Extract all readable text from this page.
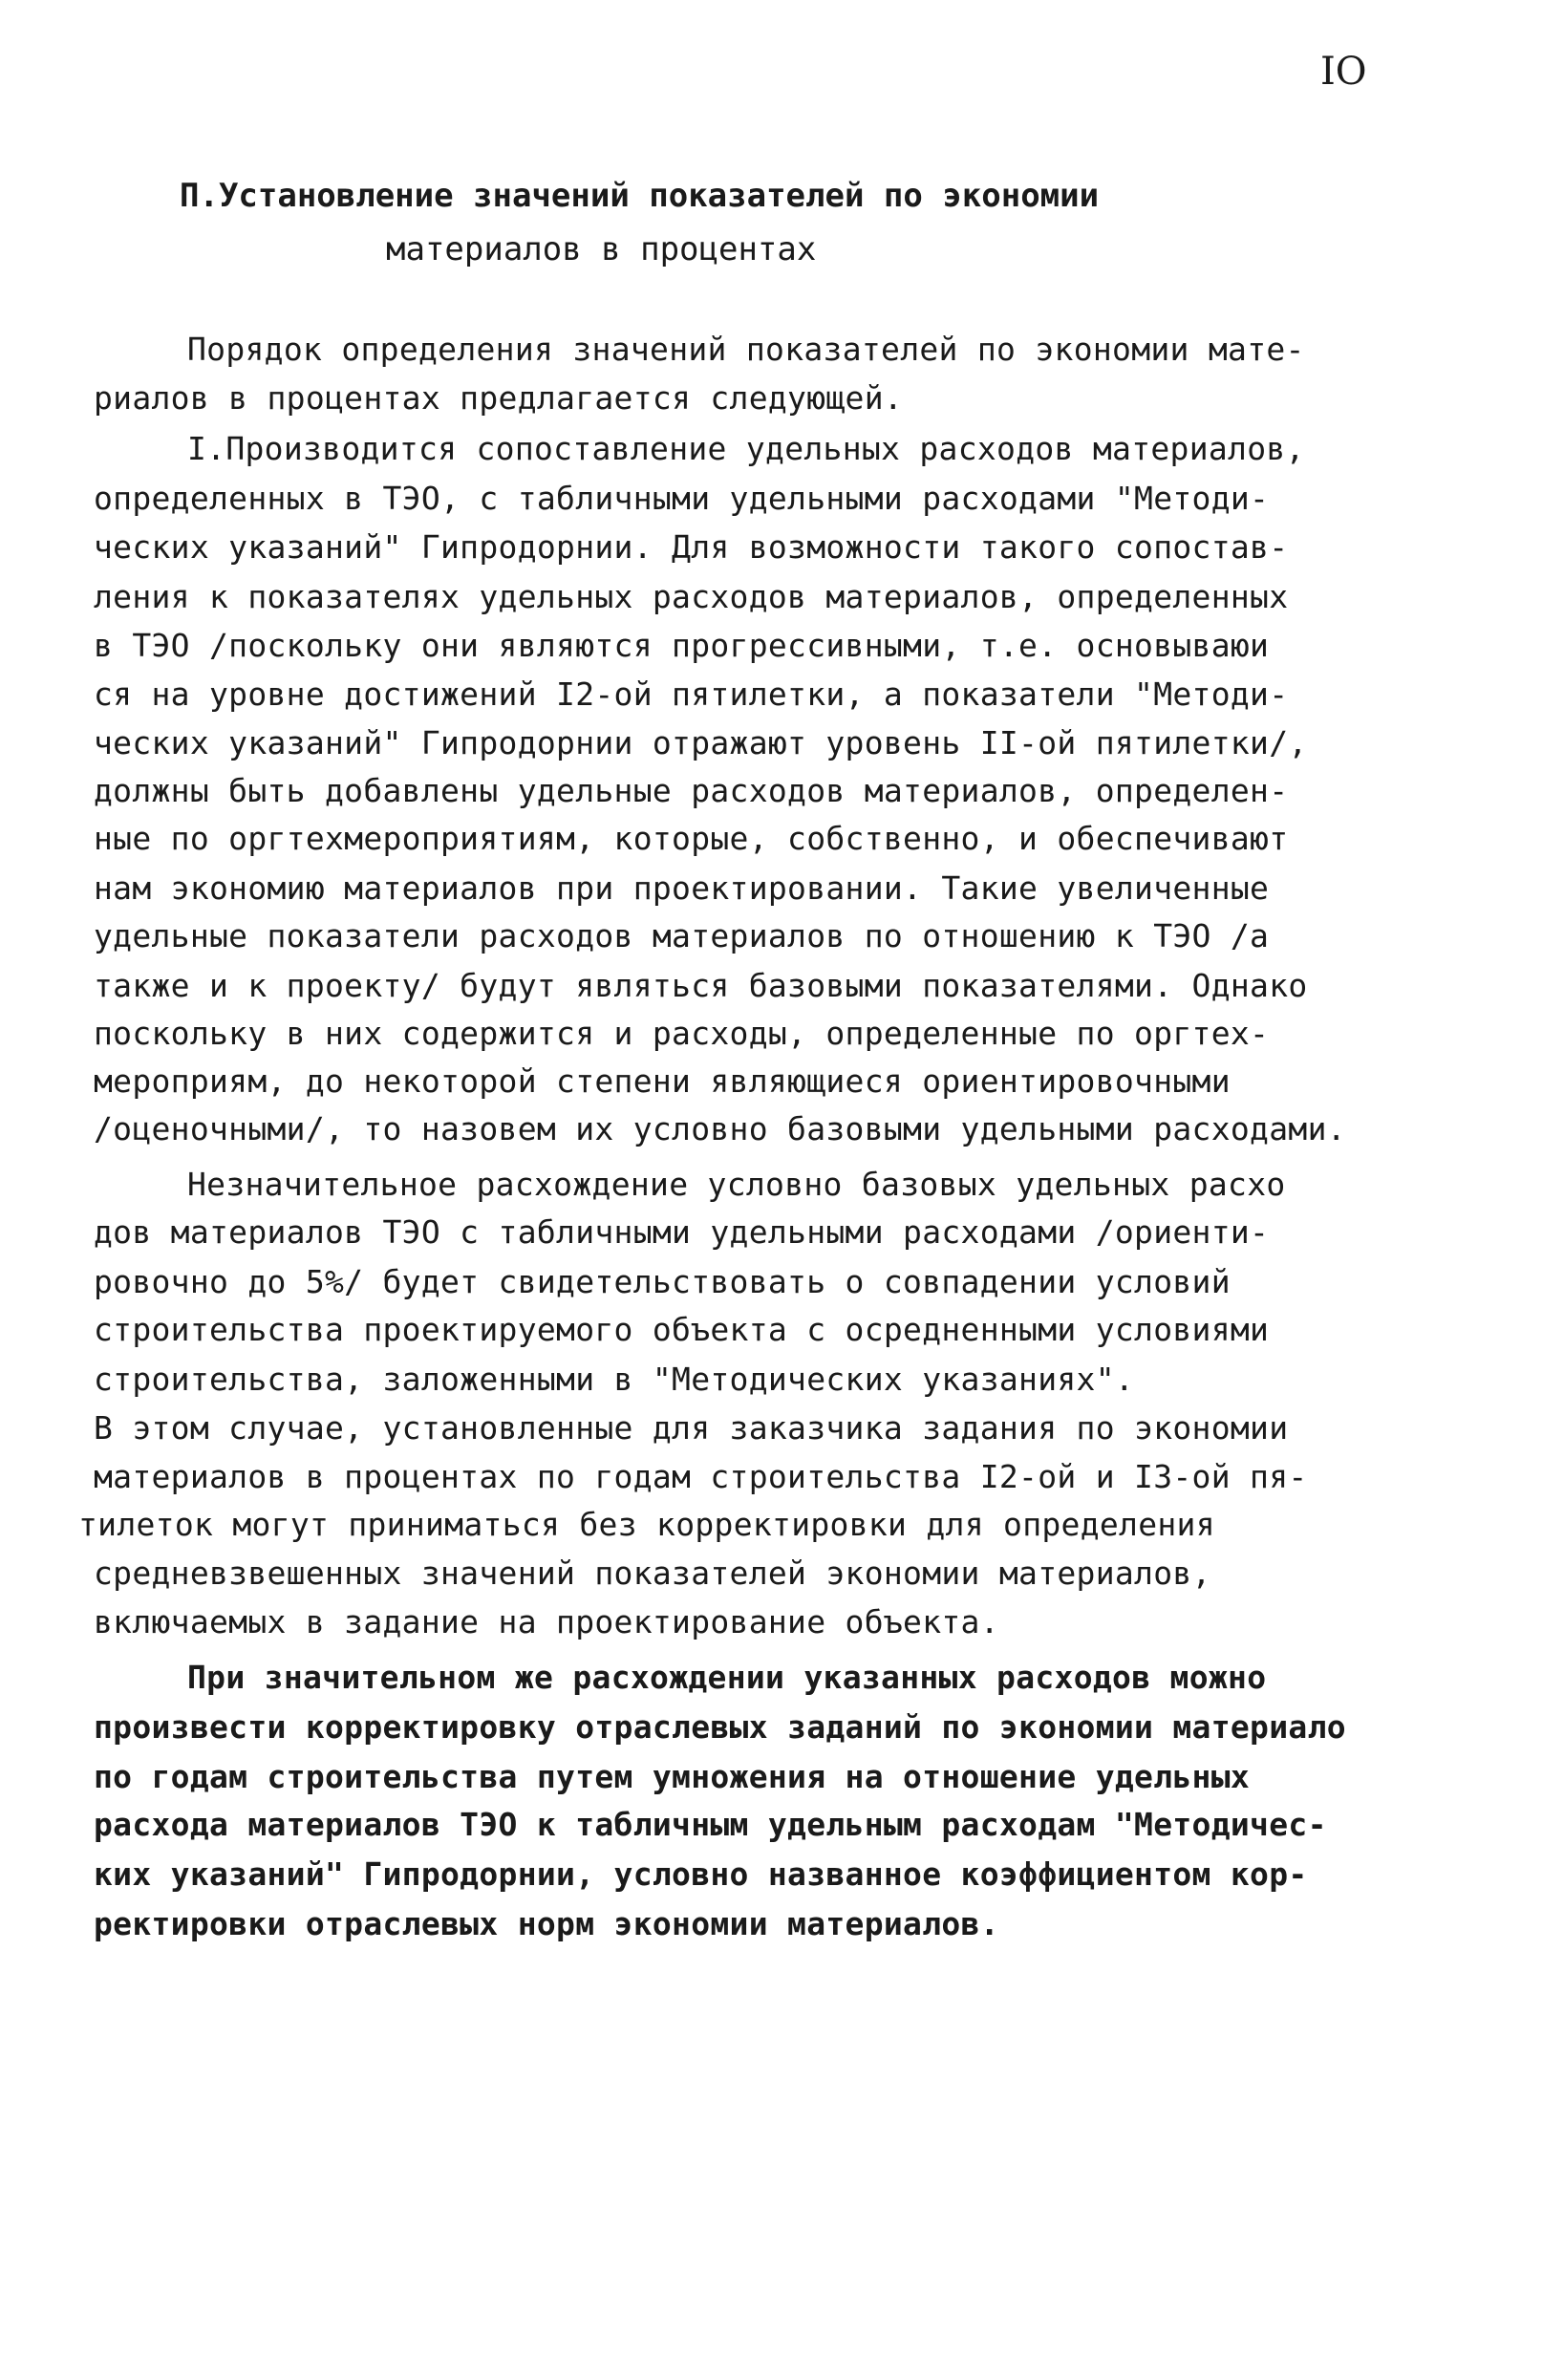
IO
П.Установление значений показателей по экономии
материалов в процентах
Порядок определения значений показателей по экономии мате-
риалов в процентах предлагается следующей.
I.Производится сопоставление удельных расходов материалов,
определенных в ТЭО, с табличными удельными расходами "Методи-
ческих указаний" Гипродорнии. Для возможности такого сопостав-
ления к показателях удельных расходов материалов, определенных
в ТЭО /поскольку они являются прогрессивными, т.е. основываюи
ся на уровне достижений I2-ой пятилетки, а показатели "Методи-
ческих указаний" Гипродорнии отражают уровень II-ой пятилетки/,
должны быть добавлены удельные расходов материалов, определен-
ные по оргтехмероприятиям, которые, собственно, и обеспечивают
нам экономию материалов при проектировании. Такие увеличенные
удельные показатели расходов материалов по отношению к ТЭО /а
также и к проекту/ будут являться базовыми показателями. Однако
поскольку в них содержится и расходы, определенные по оргтех-
мероприям, до некоторой степени являющиеся ориентировочными
/оценочными/, то назовем их условно базовыми удельными расходами.
Незначительное расхождение условно базовых удельных расхо
дов материалов ТЭО с табличными удельными расходами /ориенти-
ровочно до 5%/ будет свидетельствовать о совпадении условий
строительства проектируемого объекта с осредненными условиями
строительства, заложенными в "Методических указаниях".
В этом случае, установленные для заказчика задания по экономии
материалов в процентах по годам строительства I2-ой и I3-ой пя-
тилеток могут приниматься без корректировки для определения
средневзвешенных значений показателей экономии материалов,
включаемых в задание на проектирование объекта.
При значительном же расхождении указанных расходов можно
произвести корректировку отраслевых заданий по экономии материало
по годам строительства путем умножения на отношение удельных
расхода материалов ТЭО к табличным удельным расходам "Методичес-
ких указаний" Гипродорнии, условно названное коэффициентом кор-
ректировки отраслевых норм экономии материалов.
